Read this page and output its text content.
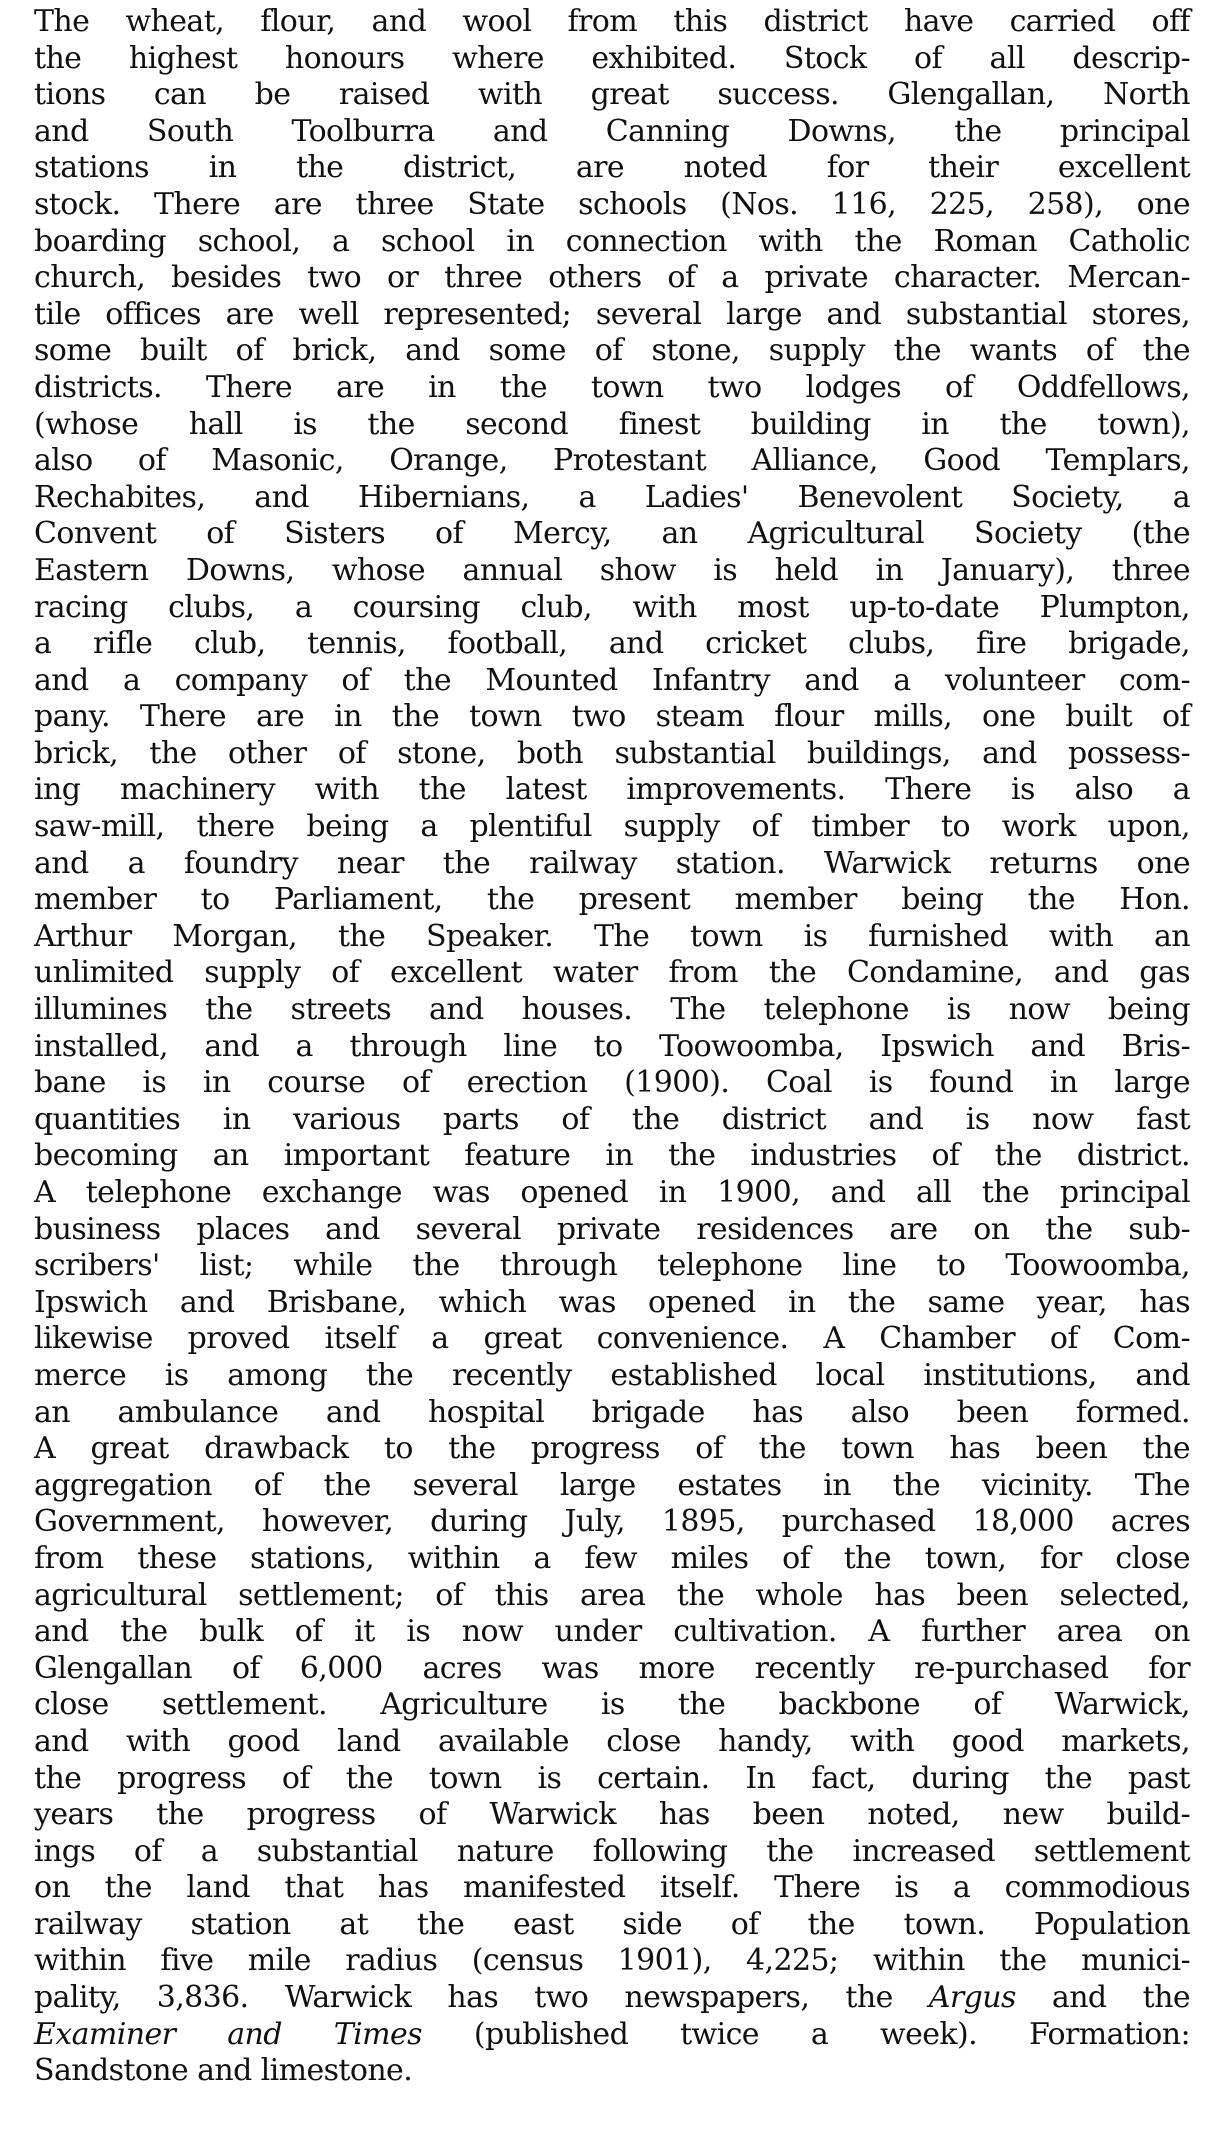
The wheat, flour, and wool from this district have carried off
the highest honours where exhibited. Stock of all descrip-
tions can be raised with great success. Glengallan, North
and South Toolburra and Canning Downs, the principal
stations in the district, are noted for their excellent
stock. There are three State schools (Nos. 116, 225, 258), one
boarding school, a school in connection with the Roman Catholic
church, besides two or three others of a private character. Mercan-
tile offices are well represented; several large and substantial stores,
some built of brick, and some of stone, supply the wants of the
districts. There are in the town two lodges of Oddfellows,
(whose hall is the second finest building in the town),
also of Masonic, Orange, Protestant Alliance, Good Templars,
Rechabites, and Hibernians, a Ladies' Benevolent Society, a
Convent of Sisters of Mercy, an Agricultural Society (the
Eastern Downs, whose annual show is held in January), three
racing clubs, a coursing club, with most up-to-date Plumpton,
a rifle club, tennis, football, and cricket clubs, fire brigade,
and a company of the Mounted Infantry and a volunteer com-
pany. There are in the town two steam flour mills, one built of
brick, the other of stone, both substantial buildings, and possess-
ing machinery with the latest improvements. There is also a
saw-mill, there being a plentiful supply of timber to work upon,
and a foundry near the railway station. Warwick returns one
member to Parliament, the present member being the Hon.
Arthur Morgan, the Speaker. The town is furnished with an
unlimited supply of excellent water from the Condamine, and gas
illumines the streets and houses. The telephone is now being
installed, and a through line to Toowoomba, Ipswich and Bris-
bane is in course of erection (1900). Coal is found in large
quantities in various parts of the district and is now fast
becoming an important feature in the industries of the district.
A telephone exchange was opened in 1900, and all the principal
business places and several private residences are on the sub-
scribers' list; while the through telephone line to Toowoomba,
Ipswich and Brisbane, which was opened in the same year, has
likewise proved itself a great convenience. A Chamber of Com-
merce is among the recently established local institutions, and
an ambulance and hospital brigade has also been formed.
A great drawback to the progress of the town has been the
aggregation of the several large estates in the vicinity. The
Government, however, during July, 1895, purchased 18,000 acres
from these stations, within a few miles of the town, for close
agricultural settlement; of this area the whole has been selected,
and the bulk of it is now under cultivation. A further area on
Glengallan of 6,000 acres was more recently re-purchased for
close settlement. Agriculture is the backbone of Warwick,
and with good land available close handy, with good markets,
the progress of the town is certain. In fact, during the past
years the progress of Warwick has been noted, new build-
ings of a substantial nature following the increased settlement
on the land that has manifested itself. There is a commodious
railway station at the east side of the town. Population
within five mile radius (census 1901), 4,225; within the munici-
pality, 3,836. Warwick has two newspapers, the Argus and the
Examiner and Times (published twice a week). Formation:
Sandstone and limestone.
